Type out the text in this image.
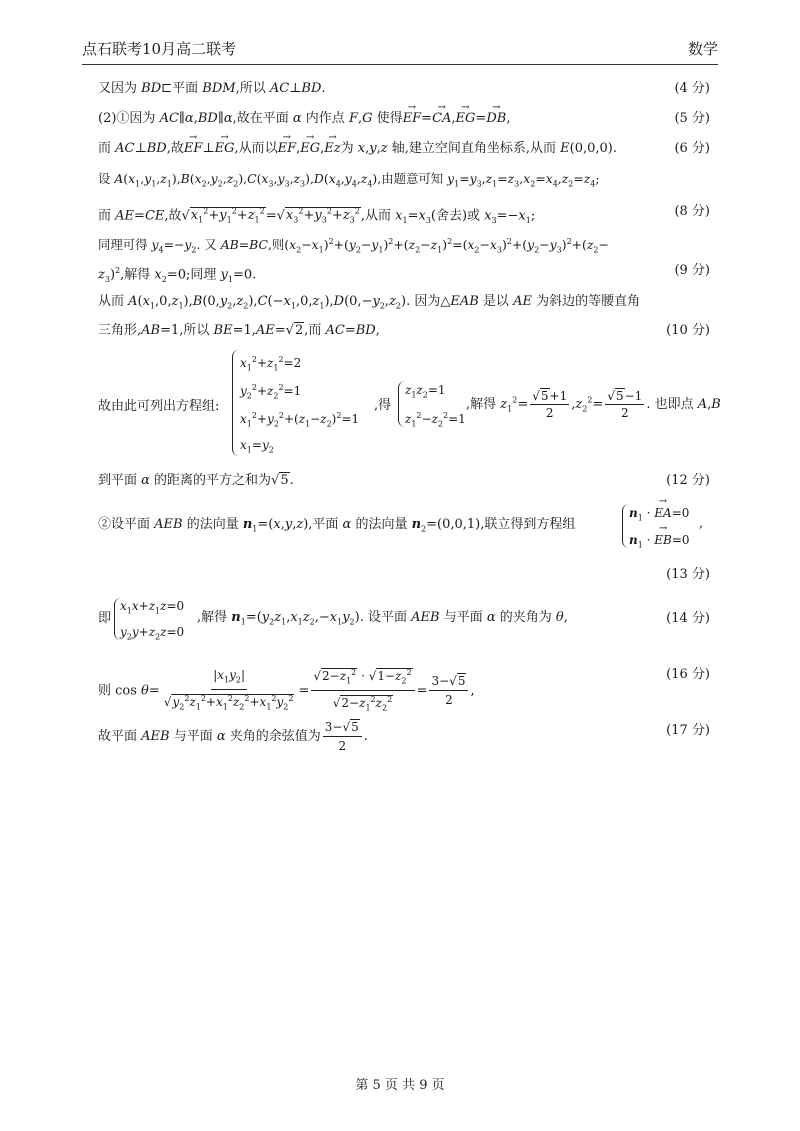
点石联考10月高二联考	数学
又因为 BD⊏平面 BDM,所以 AC⊥BD.	(4 分)
(2)①因为 AC∥α,BD∥α,故在平面 α 内作点 F,G 使得→ EF=→ CA,→ EG=→ DB,	(5 分)
而 AC⊥BD,故→ EF⊥→ EG,从而以→ EF,→ EG,→ Ez为 x,y,z 轴,建立空间直角坐标系,从而 E(0,0,0).	(6 分)
设 $A(x_1,y_1,z_1),B(x_2,y_2,z_2),C(x_3,y_3,z_3),D(x_4,y_4,z_4)$,由题意可知 $y_1=y_3,z_1=z_3,x_2=x_4,z_2=z_4$;
而 AE=CE,故$√x_1^2+y_1^2+z_1^2=√x_3^2+y_3^2+z_3^2$,从而 $x_1=x_3$(舍去)或 $x_3=-x_1$;	(8 分)
同理可得 $y_4=-y_2$. 又 AB=BC,则$(x_2-x_1)^2+(y_2-y_1)^2+(z_2-z_1)^2=(x_2-x_3)^2+(y_2-y_3)^2+(z_2-$
$z_3)^2$,解得 $x_2=0$;同理 $y_1=0$.	(9 分)
从而 $A(x_1,0,z_1),B(0,y_2,z_2),C(-x_1,0,z_1),D(0,-y_2,z_2)$. 因为△EAB 是以 AE 为斜边的等腰直角
三角形,AB=1,所以 BE=1,AE=√2,而 AC=BD,	(10 分)
故由此可列出方程组:
$x_1^2+z_1^2=2$
$y_2^2+z_2^2=1$
$x_1^2+y_2^2+(z_1-z_2)^2=1$
$x_1=y_2$
,得
$z_1z_2=1$
$z_1^2-z_2^2=1$
,解得 $z_1^2= \frac{√5+1}{2} ,z_2^2= \frac{√5-1}{2}$ . 也即点 A,B
到平面 α 的距离的平方之和为√5.	(12 分)
②设平面 AEB 的法向量 $n_1=(x,y,z)$,平面 α 的法向量 $n_2=(0,0,1)$,联立得到方程组
$n_1$ · → EA=0
$n_1$ · → EB=0
,
(13 分)
即
$x_1x+z_1z=0$
$y_2y+z_2z=0$
,解得 $n_1=(y_2z_1,x_1z_2,-x_1y_2)$. 设平面 AEB 与平面 α 的夹角为 θ,	(14 分)
则 $\cos \theta= \frac{|x_1y_2|}{√y_2^2z_1^2+x_1^2z_2^2+x_1^2y_2^2} = \frac{√2-z_1^2 \cdot √1-z_2^2}{√2-z_1^2z_2^2} = \frac{3-√5}{2}$ ,
(16 分)
故平面 AEB 与平面 α 夹角的余弦值为 $\frac{3-√5}{2}$ .	(17 分)
第 5 页 共 9 页
